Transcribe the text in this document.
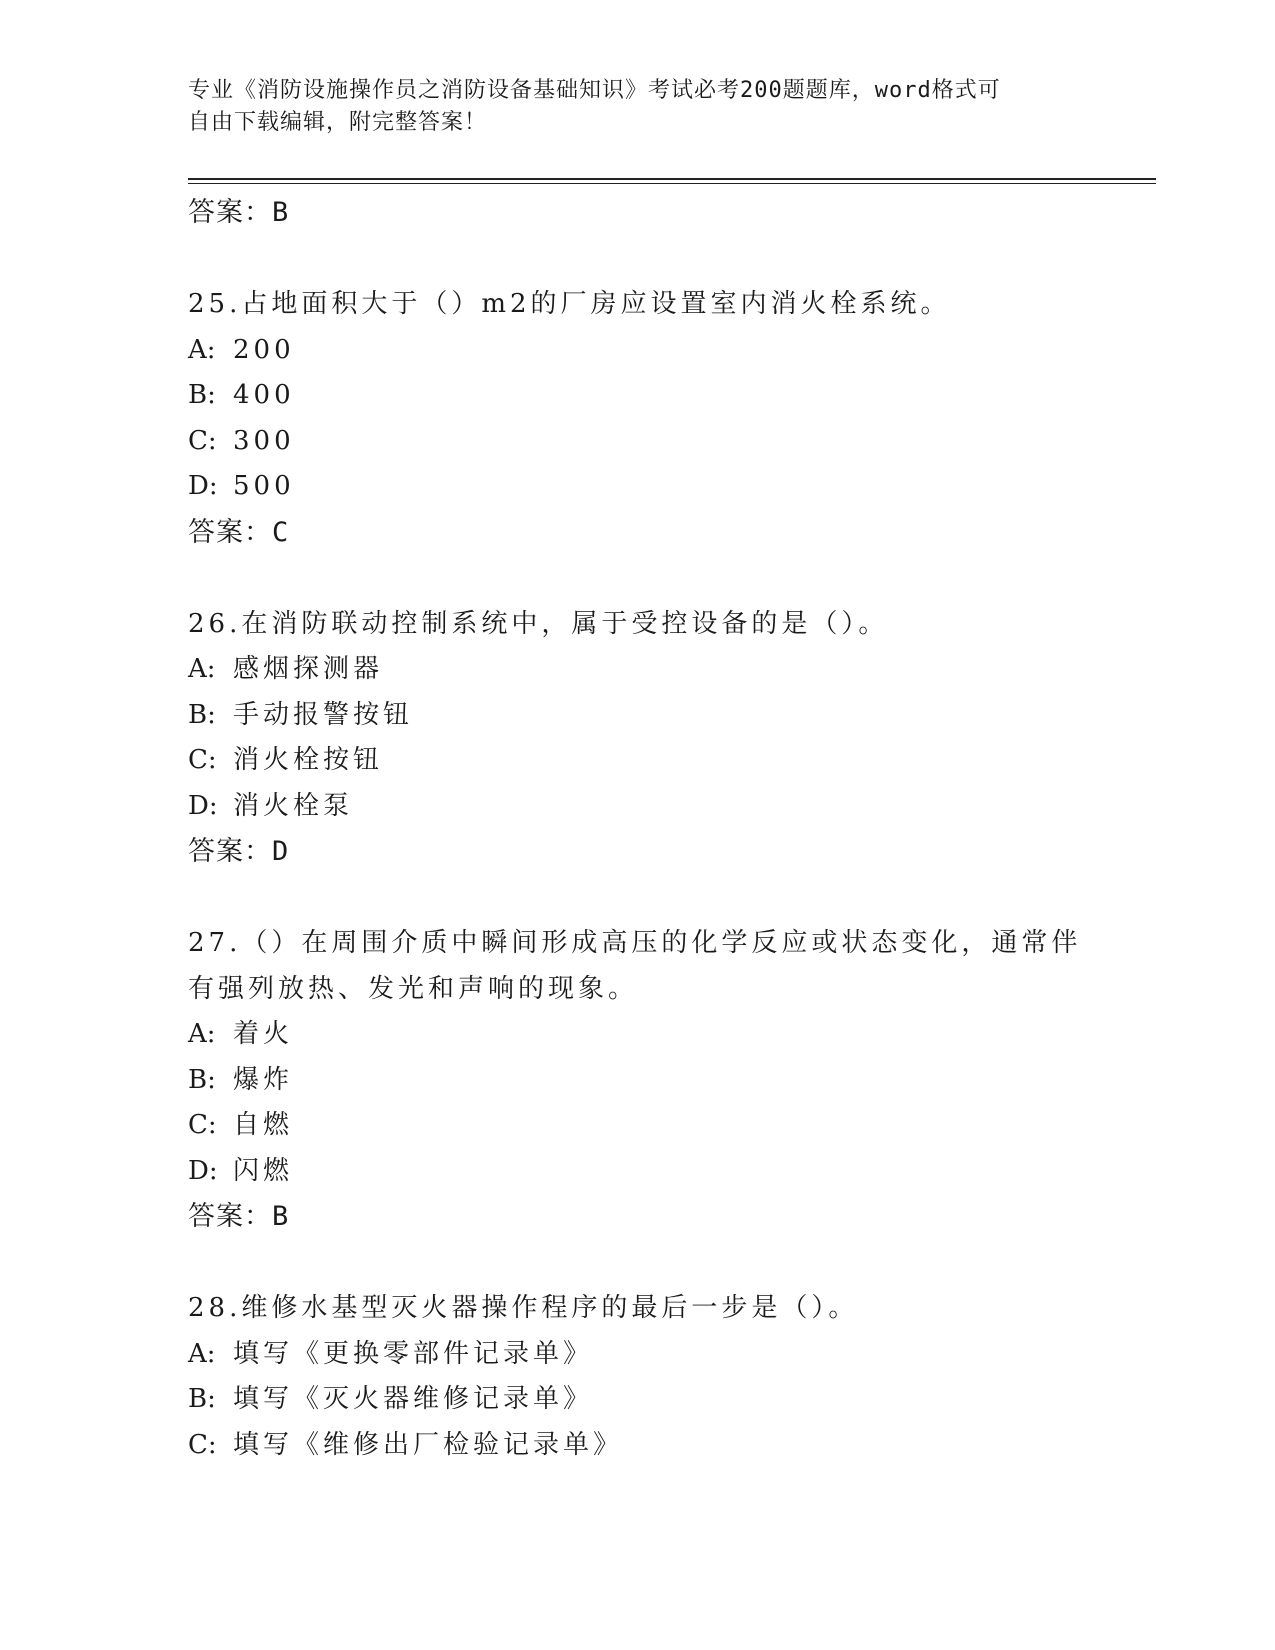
专业《消防设施操作员之消防设备基础知识》考试必考200题题库，word格式可
自由下载编辑，附完整答案！
答案：B
25.占地面积大于（）m2的厂房应设置室内消火栓系统。
A: 200
B: 400
C: 300
D: 500
答案：C
26.在消防联动控制系统中，属于受控设备的是（）。
A: 感烟探测器
B: 手动报警按钮
C: 消火栓按钮
D: 消火栓泵
答案：D
27.（）在周围介质中瞬间形成高压的化学反应或状态变化，通常伴有强列放热、发光和声响的现象。
A: 着火
B: 爆炸
C: 自燃
D: 闪燃
答案：B
28.维修水基型灭火器操作程序的最后一步是（）。
A: 填写《更换零部件记录单》
B: 填写《灭火器维修记录单》
C: 填写《维修出厂检验记录单》
